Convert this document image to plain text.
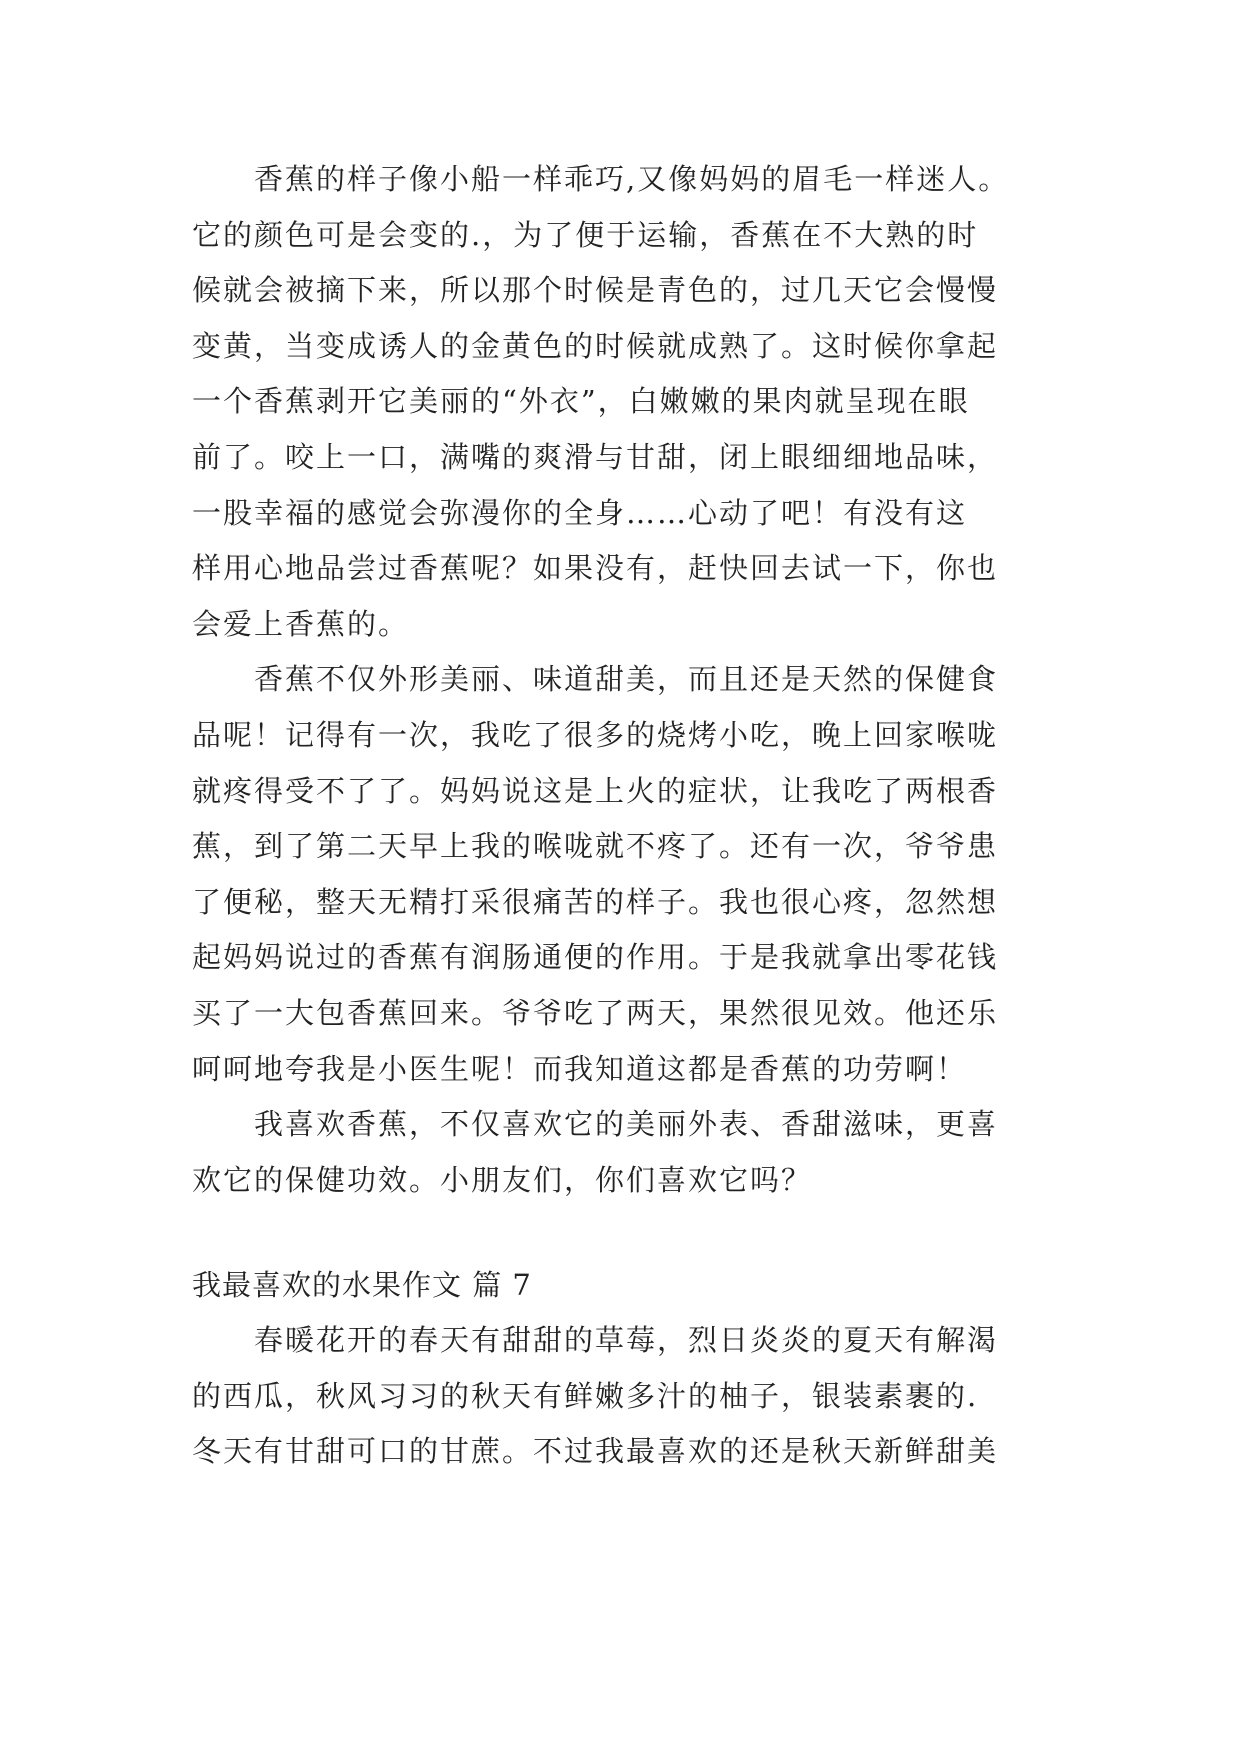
香蕉的样子像小船一样乖巧,又像妈妈的眉毛一样迷人。
它的颜色可是会变的.，为了便于运输，香蕉在不大熟的时
候就会被摘下来，所以那个时候是青色的，过几天它会慢慢
变黄，当变成诱人的金黄色的时候就成熟了。这时候你拿起
一个香蕉剥开它美丽的“外衣”，白嫩嫩的果肉就呈现在眼
前了。咬上一口，满嘴的爽滑与甘甜，闭上眼细细地品味，
一股幸福的感觉会弥漫你的全身……心动了吧！有没有这
样用心地品尝过香蕉呢？如果没有，赶快回去试一下，你也
会爱上香蕉的。
香蕉不仅外形美丽、味道甜美，而且还是天然的保健食
品呢！记得有一次，我吃了很多的烧烤小吃，晚上回家喉咙
就疼得受不了了。妈妈说这是上火的症状，让我吃了两根香
蕉，到了第二天早上我的喉咙就不疼了。还有一次，爷爷患
了便秘，整天无精打采很痛苦的样子。我也很心疼，忽然想
起妈妈说过的香蕉有润肠通便的作用。于是我就拿出零花钱
买了一大包香蕉回来。爷爷吃了两天，果然很见效。他还乐
呵呵地夸我是小医生呢！而我知道这都是香蕉的功劳啊！
我喜欢香蕉，不仅喜欢它的美丽外表、香甜滋味，更喜
欢它的保健功效。小朋友们，你们喜欢它吗？
我最喜欢的水果作文 篇 7
春暖花开的春天有甜甜的草莓，烈日炎炎的夏天有解渴
的西瓜，秋风习习的秋天有鲜嫩多汁的柚子，银装素裹的.
冬天有甘甜可口的甘蔗。不过我最喜欢的还是秋天新鲜甜美
